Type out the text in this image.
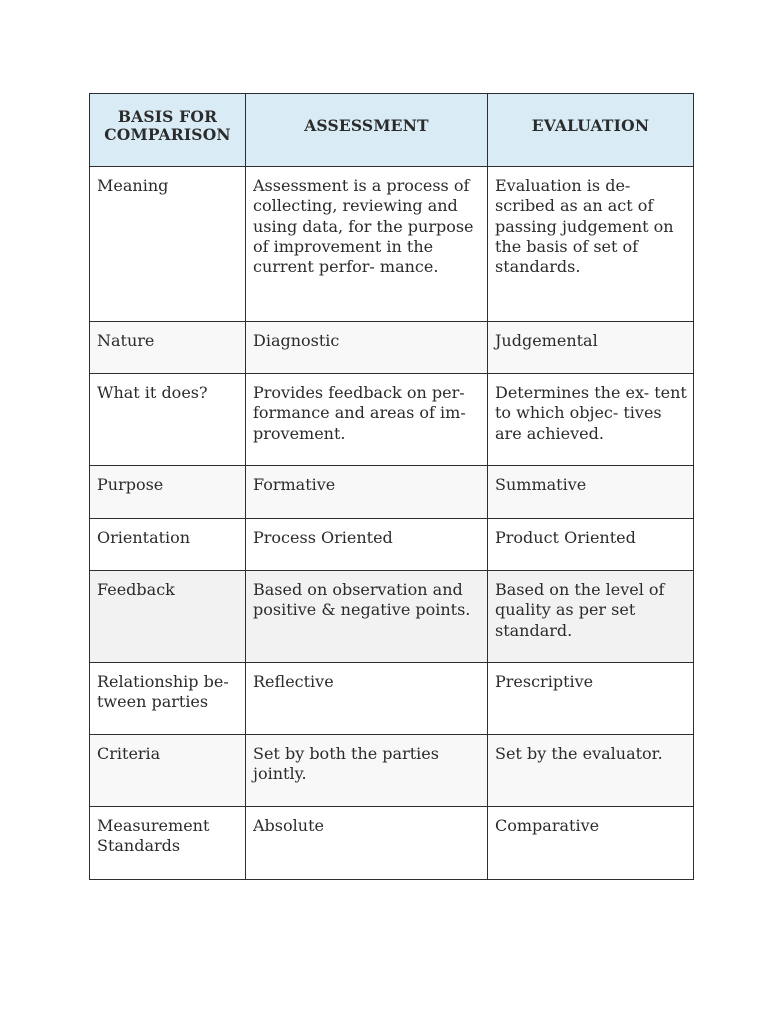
BASIS FOR COMPARISON	ASSESSMENT	EVALUATION
Meaning	Assessment is a process of collecting, reviewing and using data, for the purpose of improvement in the current perfor- mance.	Evaluation is de- scribed as an act of passing judgement on the basis of set of standards.
Nature	Diagnostic	Judgemental
What it does?	Provides feedback on per- formance and areas of im- provement.	Determines the ex- tent to which objec- tives are achieved.
Purpose	Formative	Summative
Orientation	Process Oriented	Product Oriented
Feedback	Based on observation and positive & negative points.	Based on the level of quality as per set standard.
Relationship be- tween parties	Reflective	Prescriptive
Criteria	Set by both the parties jointly.	Set by the evaluator.
Measurement Standards	Absolute	Comparative
